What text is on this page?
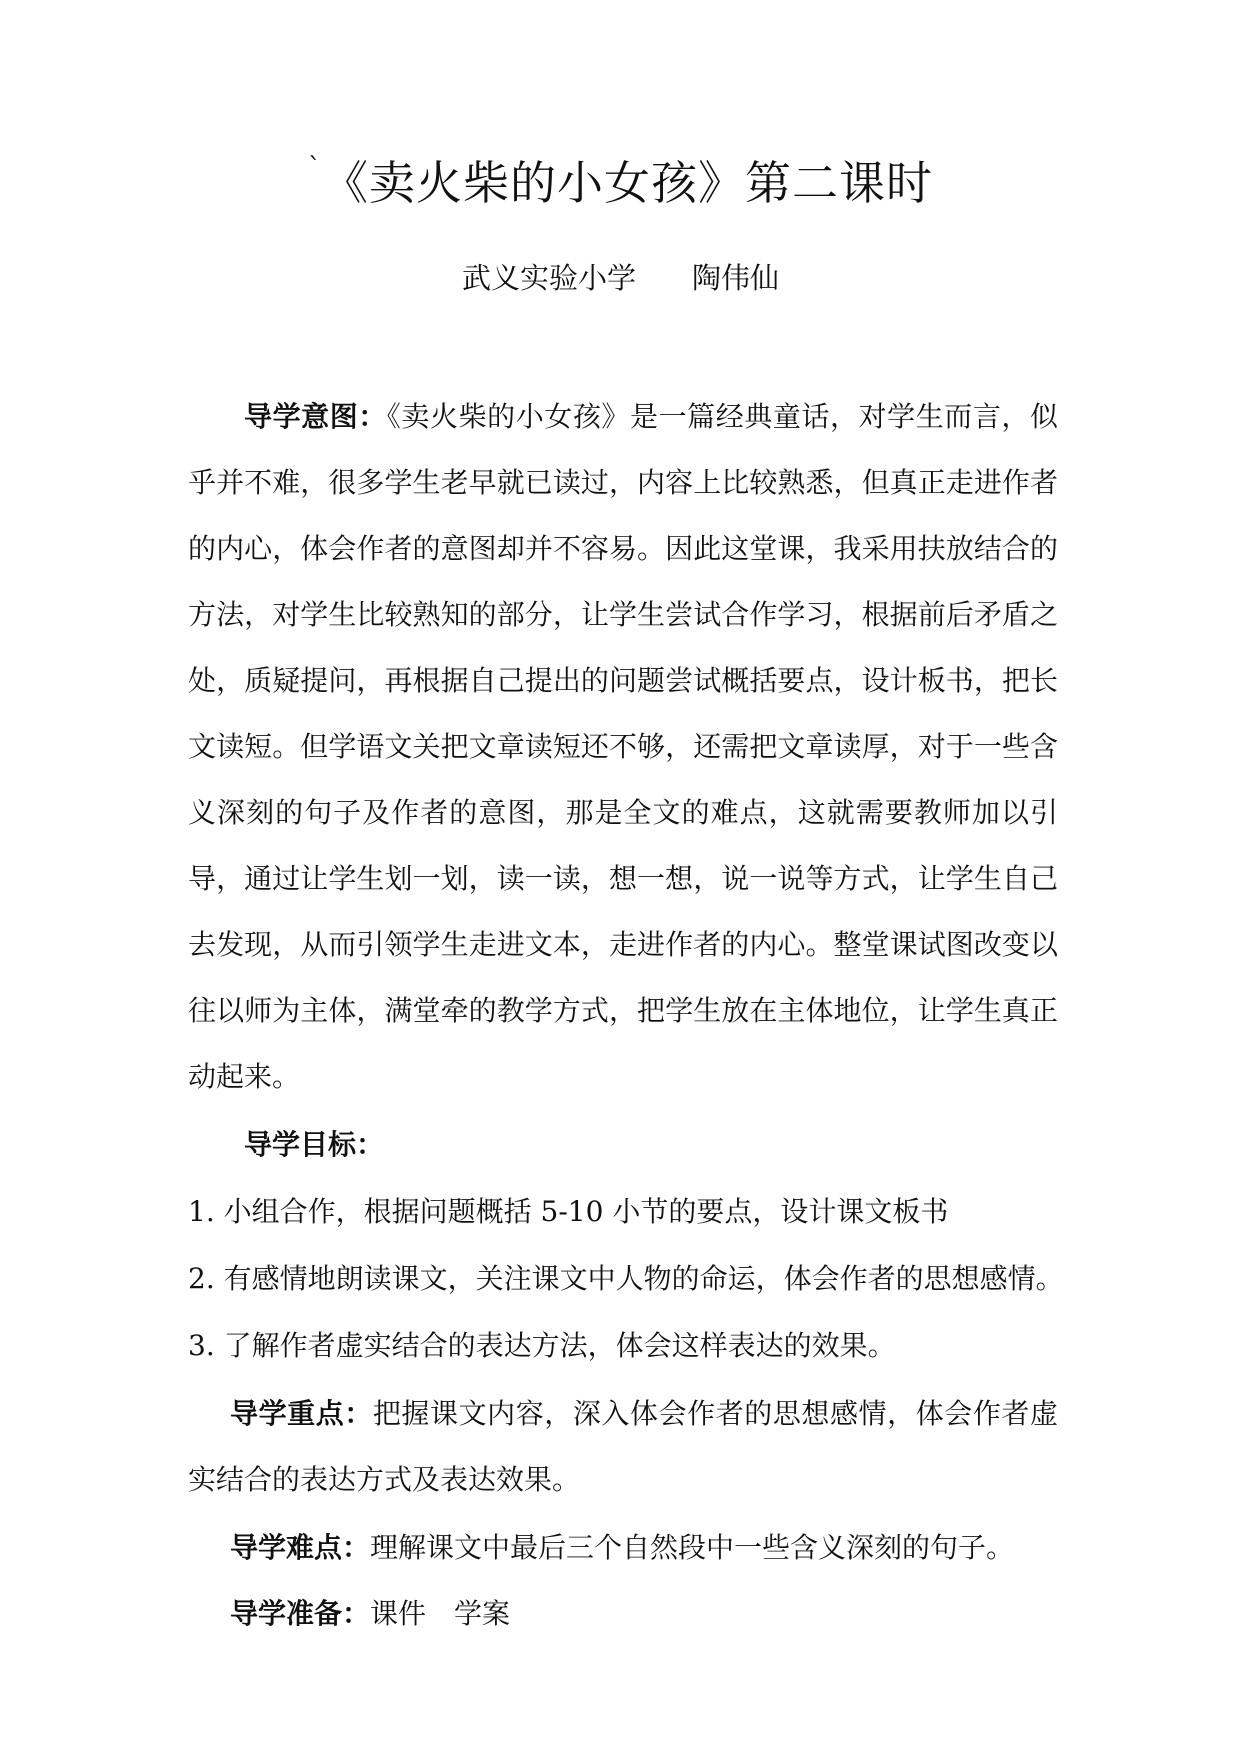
`《卖火柴的小女孩》第二课时
武义实验小学 陶伟仙

导学意图：《卖火柴的小女孩》是一篇经典童话，对学生而言，似乎并不难，很多学生老早就已读过，内容上比较熟悉，但真正走进作者的内心，体会作者的意图却并不容易。因此这堂课，我采用扶放结合的方法，对学生比较熟知的部分，让学生尝试合作学习，根据前后矛盾之处，质疑提问，再根据自己提出的问题尝试概括要点，设计板书，把长文读短。但学语文关把文章读短还不够，还需把文章读厚，对于一些含义深刻的句子及作者的意图，那是全文的难点，这就需要教师加以引导，通过让学生划一划，读一读，想一想，说一说等方式，让学生自己去发现，从而引领学生走进文本，走进作者的内心。整堂课试图改变以往以师为主体，满堂牵的教学方式，把学生放在主体地位，让学生真正动起来。

导学目标：

1. 小组合作，根据问题概括 5-10 小节的要点，设计课文板书

2. 有感情地朗读课文，关注课文中人物的命运，体会作者的思想感情。

3. 了解作者虚实结合的表达方法，体会这样表达的效果。

导学重点：把握课文内容，深入体会作者的思想感情，体会作者虚实结合的表达方式及表达效果。

导学难点：理解课文中最后三个自然段中一些含义深刻的句子。

导学准备：课件 学案
